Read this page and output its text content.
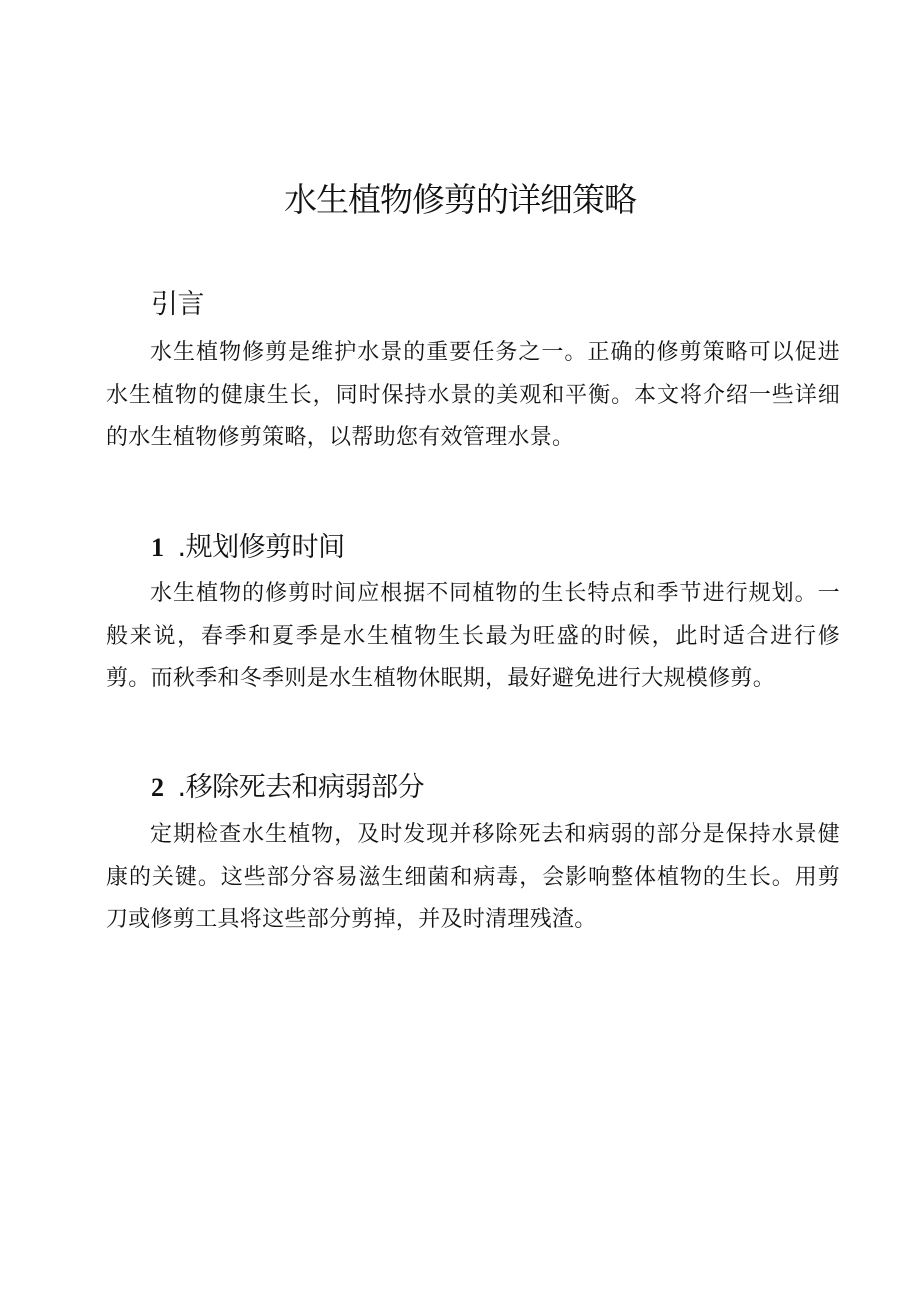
水生植物修剪的详细策略
引言

水生植物修剪是维护水景的重要任务之一。正确的修剪策略可以促进水生植物的健康生长，同时保持水景的美观和平衡。本文将介绍一些详细的水生植物修剪策略，以帮助您有效管理水景。

1 .规划修剪时间

水生植物的修剪时间应根据不同植物的生长特点和季节进行规划。一般来说，春季和夏季是水生植物生长最为旺盛的时候，此时适合进行修剪。而秋季和冬季则是水生植物休眠期，最好避免进行大规模修剪。

2 .移除死去和病弱部分

定期检查水生植物，及时发现并移除死去和病弱的部分是保持水景健康的关键。这些部分容易滋生细菌和病毒，会影响整体植物的生长。用剪刀或修剪工具将这些部分剪掉，并及时清理残渣。
